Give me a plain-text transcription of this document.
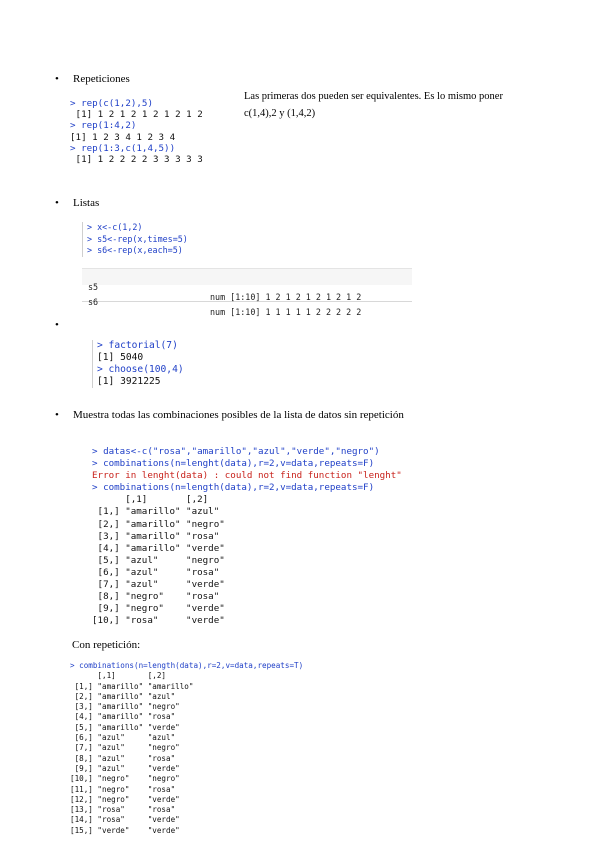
•	Repeticiones
Las primeras dos pueden ser equivalentes. Es lo mismo poner
c(1,4),2 y (1,4,2)
> rep(c(1,2),5)
[1] 1 2 1 2 1 2 1 2 1 2
> rep(1:4,2)
[1] 1 2 3 4 1 2 3 4
> rep(1:3,c(1,4,5))
[1] 1 2 2 2 2 3 3 3 3 3
•	Listas
> x<-c(1,2)
> s5<-rep(x,times=5)
> s6<-rep(x,each=5)

s5

num [1:10] 1 2 1 2 1 2 1 2 1 2

s6

num [1:10] 1 1 1 1 1 2 2 2 2 2

•
> factorial(7)
[1] 5040
> choose(100,4)
[1] 3921225
•	Muestra todas las combinaciones posibles de la lista de datos sin repetición
> datas<-c("rosa","amarillo","azul","verde","negro")
> combinations(n=lenght(data),r=2,v=data,repeats=F)
Error in lenght(data) : could not find function "lenght"
> combinations(n=length(data),r=2,v=data,repeats=F)
[,1]       [,2]
[1,] "amarillo" "azul"
[2,] "amarillo" "negro"
[3,] "amarillo" "rosa"
[4,] "amarillo" "verde"
[5,] "azul"     "negro"
[6,] "azul"     "rosa"
[7,] "azul"     "verde"
[8,] "negro"    "rosa"
[9,] "negro"    "verde"
[10,] "rosa"     "verde"
Con repetición:
> combinations(n=length(data),r=2,v=data,repeats=T)
[,1]       [,2]
[1,] "amarillo" "amarillo"
[2,] "amarillo" "azul"
[3,] "amarillo" "negro"
[4,] "amarillo" "rosa"
[5,] "amarillo" "verde"
[6,] "azul"     "azul"
[7,] "azul"     "negro"
[8,] "azul"     "rosa"
[9,] "azul"     "verde"
[10,] "negro"    "negro"
[11,] "negro"    "rosa"
[12,] "negro"    "verde"
[13,] "rosa"     "rosa"
[14,] "rosa"     "verde"
[15,] "verde"    "verde"
